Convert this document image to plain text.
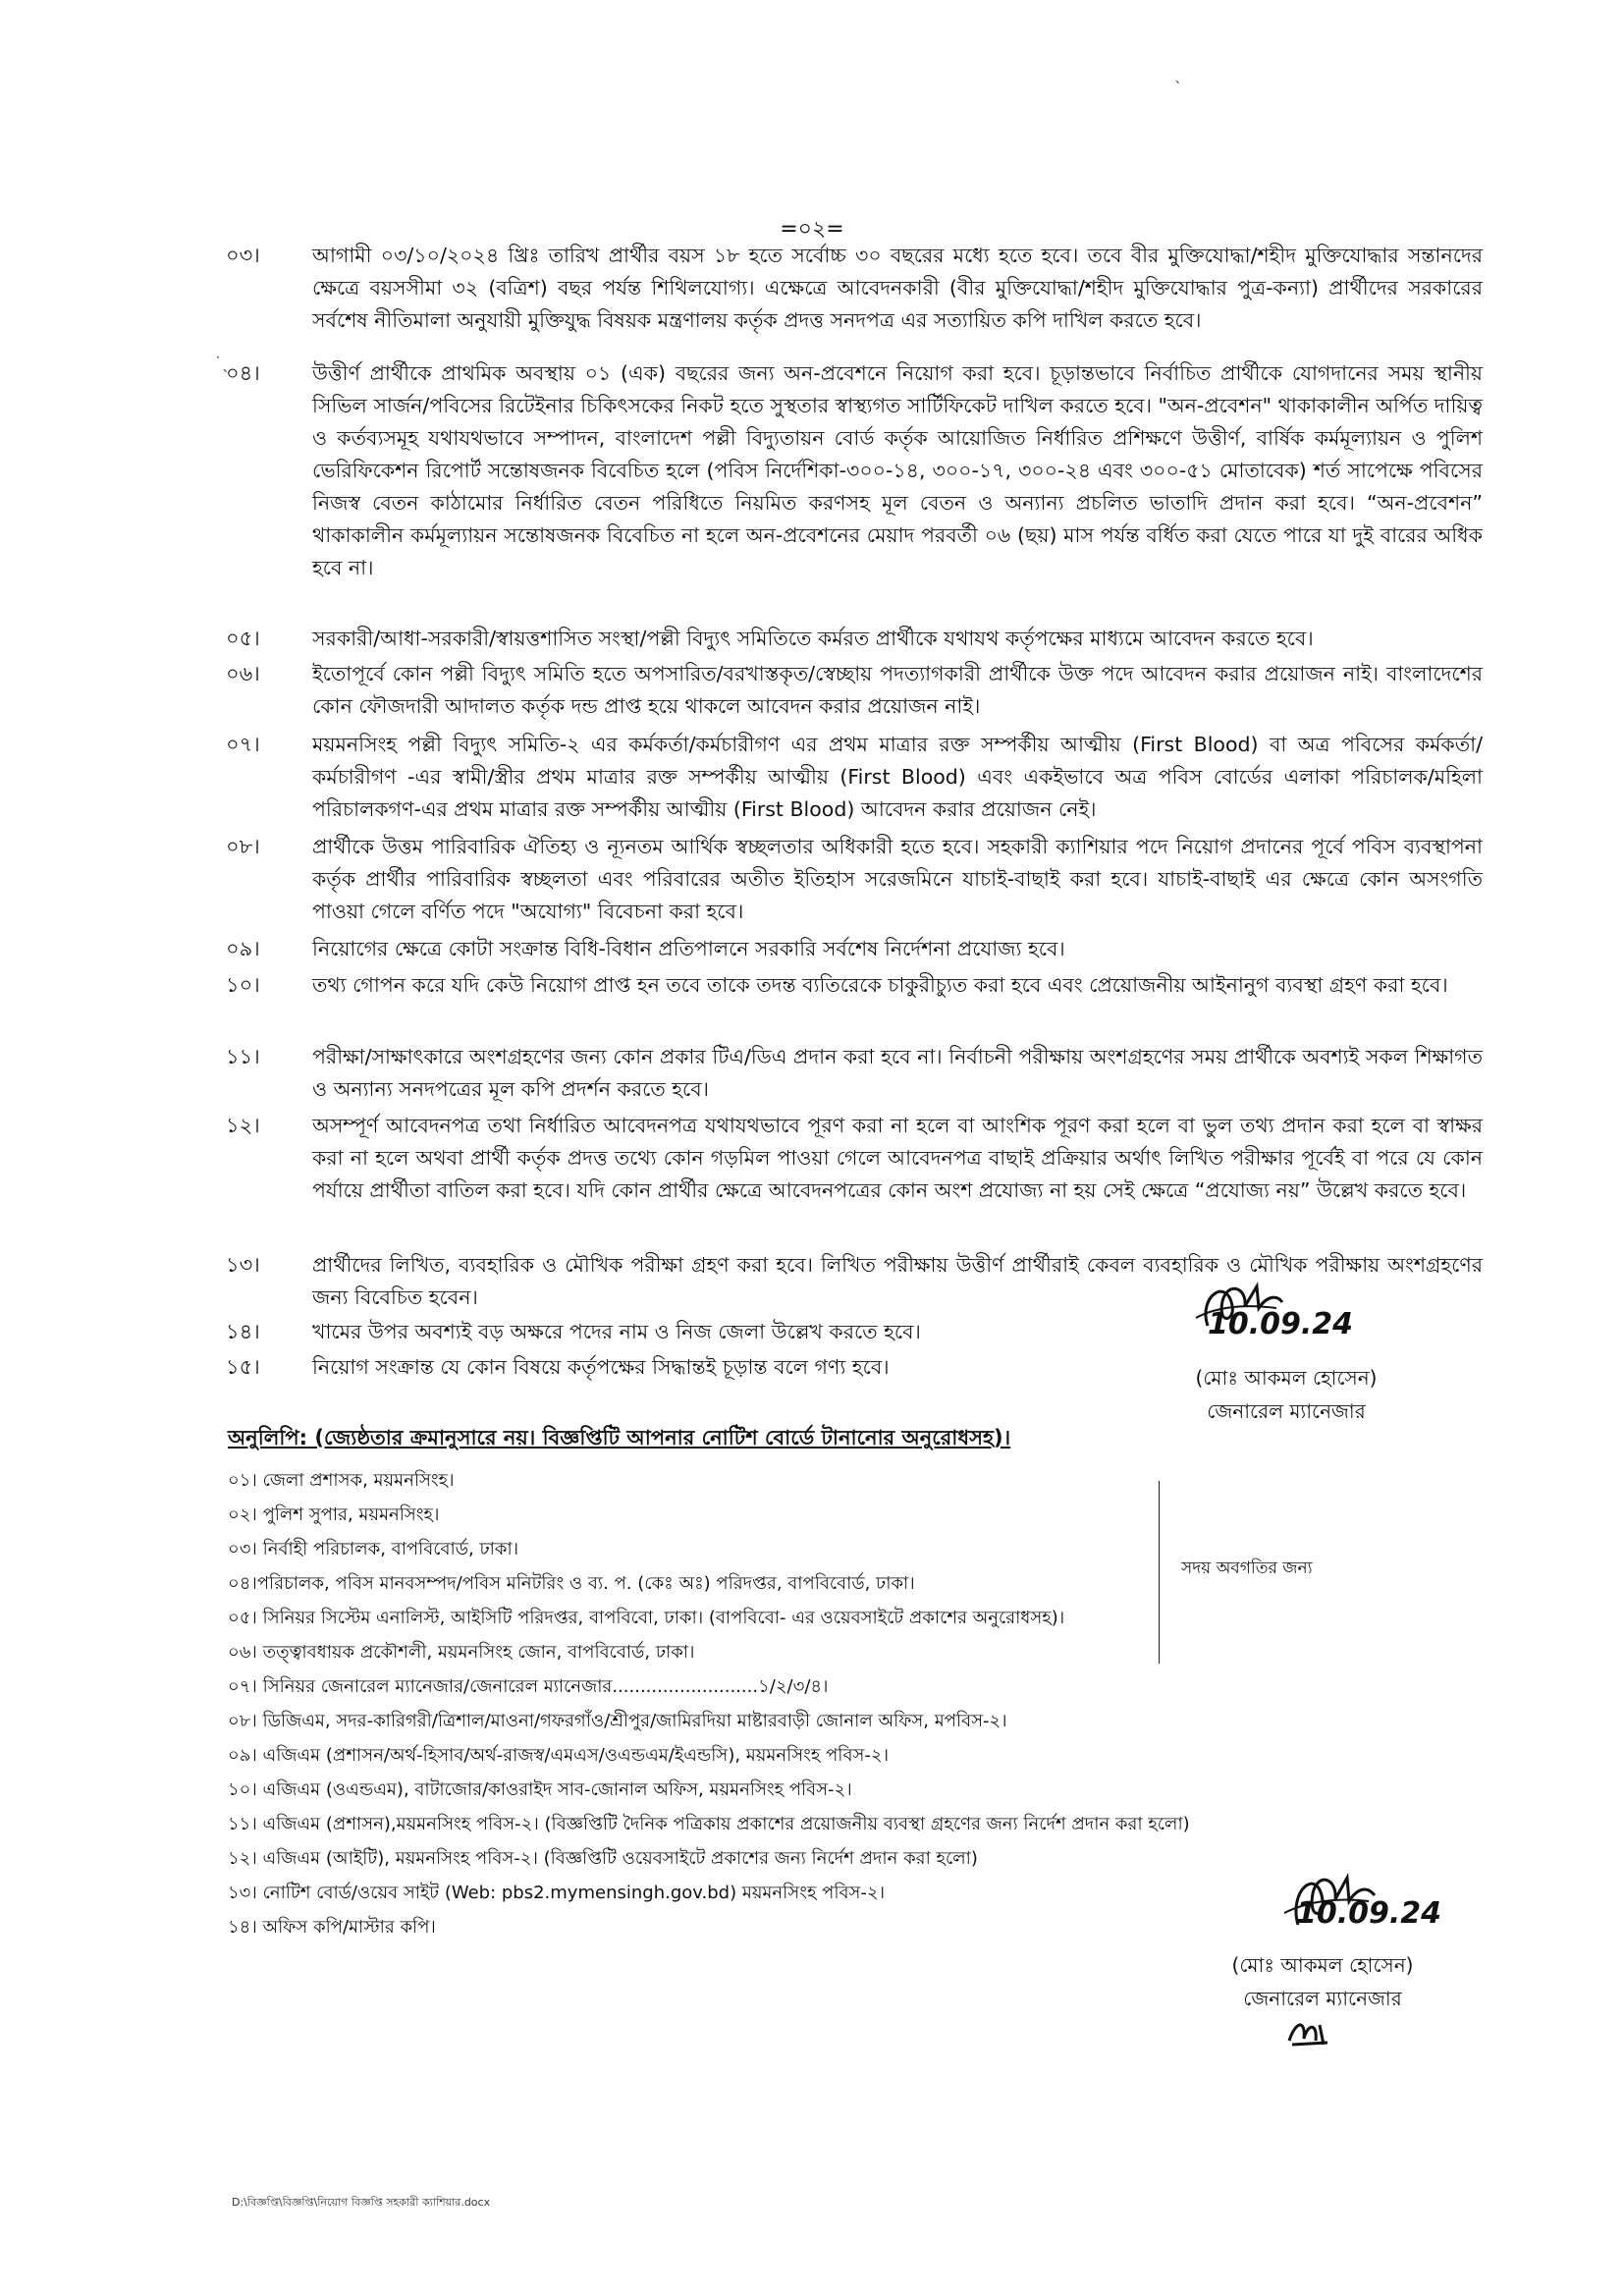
=০২=
ˋ
˙ˎ
০৩।	আগামী ০৩/১০/২০২৪ খ্রিঃ তারিখ প্রার্থীর বয়স ১৮ হতে সর্বোচ্চ ৩০ বছরের মধ্যে হতে হবে। তবে বীর মুক্তিযোদ্ধা/শহীদ মুক্তিযোদ্ধার সন্তানদের ক্ষেত্রে বয়সসীমা ৩২ (বত্রিশ) বছর পর্যন্ত শিথিলযোগ্য। এক্ষেত্রে আবেদনকারী (বীর মুক্তিযোদ্ধা/শহীদ মুক্তিযোদ্ধার পুত্র-কন্যা) প্রার্থীদের সরকারের সর্বশেষ নীতিমালা অনুযায়ী মুক্তিযুদ্ধ বিষয়ক মন্ত্রণালয় কর্তৃক প্রদত্ত সনদপত্র এর সত্যায়িত কপি দাখিল করতে হবে।
০৪।	উত্তীর্ণ প্রার্থীকে প্রাথমিক অবস্থায় ০১ (এক) বছরের জন্য অন-প্রবেশনে নিয়োগ করা হবে। চূড়ান্তভাবে নির্বাচিত প্রার্থীকে যোগদানের সময় স্থানীয় সিভিল সার্জন/পবিসের রিটেইনার চিকিৎসকের নিকট হতে সুস্থতার স্বাস্থ্যগত সার্টিফিকেট দাখিল করতে হবে। "অন-প্রবেশন" থাকাকালীন অর্পিত দায়িত্ব ও কর্তব্যসমূহ যথাযথভাবে সম্পাদন, বাংলাদেশ পল্লী বিদ্যুতায়ন বোর্ড কর্তৃক আয়োজিত নির্ধারিত প্রশিক্ষণে উত্তীর্ণ, বার্ষিক কর্মমূল্যায়ন ও পুলিশ ভেরিফিকেশন রিপোর্ট সন্তোষজনক বিবেচিত হলে (পবিস নির্দেশিকা-৩০০-১৪, ৩০০-১৭, ৩০০-২৪ এবং ৩০০-৫১ মোতাবেক) শর্ত সাপেক্ষে পবিসের নিজস্ব বেতন কাঠামোর নির্ধারিত বেতন পরিধিতে নিয়মিত করণসহ মূল বেতন ও অন্যান্য প্রচলিত ভাতাদি প্রদান করা হবে। “অন-প্রবেশন” থাকাকালীন কর্মমূল্যায়ন সন্তোষজনক বিবেচিত না হলে অন-প্রবেশনের মেয়াদ পরবর্তী ০৬ (ছয়) মাস পর্যন্ত বর্ধিত করা যেতে পারে যা দুই বারের অধিক হবে না।
০৫।	সরকারী/আধা-সরকারী/স্বায়ত্তশাসিত সংস্থা/পল্লী বিদ্যুৎ সমিতিতে কর্মরত প্রার্থীকে যথাযথ কর্তৃপক্ষের মাধ্যমে আবেদন করতে হবে।
০৬।	ইতোপূর্বে কোন পল্লী বিদ্যুৎ সমিতি হতে অপসারিত/বরখাস্তকৃত/স্বেচ্ছায় পদত্যাগকারী প্রার্থীকে উক্ত পদে আবেদন করার প্রয়োজন নাই। বাংলাদেশের কোন ফৌজদারী আদালত কর্তৃক দন্ড প্রাপ্ত হয়ে থাকলে আবেদন করার প্রয়োজন নাই।
০৭।	ময়মনসিংহ পল্লী বিদ্যুৎ সমিতি-২ এর কর্মকর্তা/কর্মচারীগণ এর প্রথম মাত্রার রক্ত সম্পর্কীয় আত্মীয় (First Blood) বা অত্র পবিসের কর্মকর্তা/কর্মচারীগণ -এর স্বামী/স্ত্রীর প্রথম মাত্রার রক্ত সম্পর্কীয় আত্মীয় (First Blood) এবং একইভাবে অত্র পবিস বোর্ডের এলাকা পরিচালক/মহিলা পরিচালকগণ-এর প্রথম মাত্রার রক্ত সম্পর্কীয় আত্মীয় (First Blood) আবেদন করার প্রয়োজন নেই।
০৮।	প্রার্থীকে উত্তম পারিবারিক ঐতিহ্য ও ন্যূনতম আর্থিক স্বচ্ছলতার অধিকারী হতে হবে। সহকারী ক্যাশিয়ার পদে নিয়োগ প্রদানের পূর্বে পবিস ব্যবস্থাপনা কর্তৃক প্রার্থীর পারিবারিক স্বচ্ছলতা এবং পরিবারের অতীত ইতিহাস সরেজমিনে যাচাই-বাছাই করা হবে। যাচাই-বাছাই এর ক্ষেত্রে কোন অসংগতি পাওয়া গেলে বর্ণিত পদে "অযোগ্য" বিবেচনা করা হবে।
০৯।	নিয়োগের ক্ষেত্রে কোটা সংক্রান্ত বিধি-বিধান প্রতিপালনে সরকারি সর্বশেষ নির্দেশনা প্রযোজ্য হবে।
১০।	তথ্য গোপন করে যদি কেউ নিয়োগ প্রাপ্ত হন তবে তাকে তদন্ত ব্যতিরেকে চাকুরীচ্যুত করা হবে এবং প্রেয়োজনীয় আইনানুগ ব্যবস্থা গ্রহণ করা হবে।
১১।	পরীক্ষা/সাক্ষাৎকারে অংশগ্রহণের জন্য কোন প্রকার টিএ/ডিএ প্রদান করা হবে না। নির্বাচনী পরীক্ষায় অংশগ্রহণের সময় প্রার্থীকে অবশ্যই সকল শিক্ষাগত ও অন্যান্য সনদপত্রের মূল কপি প্রদর্শন করতে হবে।
১২।	অসম্পূর্ণ আবেদনপত্র তথা নির্ধারিত আবেদনপত্র যথাযথভাবে পূরণ করা না হলে বা আংশিক পূরণ করা হলে বা ভুল তথ্য প্রদান করা হলে বা স্বাক্ষর করা না হলে অথবা প্রার্থী কর্তৃক প্রদত্ত তথ্যে কোন গড়মিল পাওয়া গেলে আবেদনপত্র বাছাই প্রক্রিয়ার অর্থাৎ লিখিত পরীক্ষার পূর্বেই বা পরে যে কোন পর্যায়ে প্রার্থীতা বাতিল করা হবে। যদি কোন প্রার্থীর ক্ষেত্রে আবেদনপত্রের কোন অংশ প্রযোজ্য না হয় সেই ক্ষেত্রে “প্রযোজ্য নয়” উল্লেখ করতে হবে।
১৩।	প্রার্থীদের লিখিত, ব্যবহারিক ও মৌখিক পরীক্ষা গ্রহণ করা হবে। লিখিত পরীক্ষায় উত্তীর্ণ প্রার্থীরাই কেবল ব্যবহারিক ও মৌখিক পরীক্ষায় অংশগ্রহণের জন্য বিবেচিত হবেন।
১৪।	খামের উপর অবশ্যই বড় অক্ষরে পদের নাম ও নিজ জেলা উল্লেখ করতে হবে।
১৫।	নিয়োগ সংক্রান্ত যে কোন বিষয়ে কর্তৃপক্ষের সিদ্ধান্তই চূড়ান্ত বলে গণ্য হবে।
10.09.24
(মোঃ আকমল হোসেন)
জেনারেল ম্যানেজার
অনুলিপি: (জ্যেষ্ঠতার ক্রমানুসারে নয়। বিজ্ঞপ্তিটি আপনার নোটিশ বোর্ডে টানানোর অনুরোধসহ)।
০১। জেলা প্রশাসক, ময়মনসিংহ।
০২। পুলিশ সুপার, ময়মনসিংহ।
০৩। নির্বাহী পরিচালক, বাপবিবোর্ড, ঢাকা।
০৪।পরিচালক, পবিস মানবসম্পদ/পবিস মনিটরিং ও ব্য. প. (কেঃ অঃ) পরিদপ্তর, বাপবিবোর্ড, ঢাকা।
০৫। সিনিয়র সিস্টেম এনালিস্ট, আইসিটি পরিদপ্তর, বাপবিবো, ঢাকা। (বাপবিবো- এর ওয়েবসাইটে প্রকাশের অনুরোধসহ)।
০৬। তত্ত্বাবধায়ক প্রকৌশলী, ময়মনসিংহ জোন, বাপবিবোর্ড, ঢাকা।
০৭। সিনিয়র জেনারেল ম্যানেজার/জেনারেল ম্যানেজার..........................১/২/৩/৪।
০৮। ডিজিএম, সদর-কারিগরী/ত্রিশাল/মাওনা/গফরগাঁও/শ্রীপুর/জামিরদিয়া মাষ্টারবাড়ী জোনাল অফিস, মপবিস-২।
০৯। এজিএম (প্রশাসন/অর্থ-হিসাব/অর্থ-রাজস্ব/এমএস/ওএন্ডএম/ইএন্ডসি), ময়মনসিংহ পবিস-২।
১০। এজিএম (ওএন্ডএম), বাটাজোর/কাওরাইদ সাব-জোনাল অফিস, ময়মনসিংহ পবিস-২।
১১। এজিএম (প্রশাসন),ময়মনসিংহ পবিস-২। (বিজ্ঞপ্তিটি দৈনিক পত্রিকায় প্রকাশের প্রয়োজনীয় ব্যবস্থা গ্রহণের জন্য নির্দেশ প্রদান করা হলো)
১২। এজিএম (আইটি), ময়মনসিংহ পবিস-২। (বিজ্ঞপ্তিটি ওয়েবসাইটে প্রকাশের জন্য নির্দেশ প্রদান করা হলো)
১৩। নোটিশ বোর্ড/ওয়েব সাইট (Web: pbs2.mymensingh.gov.bd) ময়মনসিংহ পবিস-২।
১৪। অফিস কপি/মাস্টার কপি।
সদয় অবগতির জন্য
10.09.24
(মোঃ আকমল হোসেন)
জেনারেল ম্যানেজার
D:\বিজ্ঞপ্তি\বিজ্ঞপ্তি\নিয়োগ বিজ্ঞপ্তি সহকারী ক্যাশিয়ার.docx
